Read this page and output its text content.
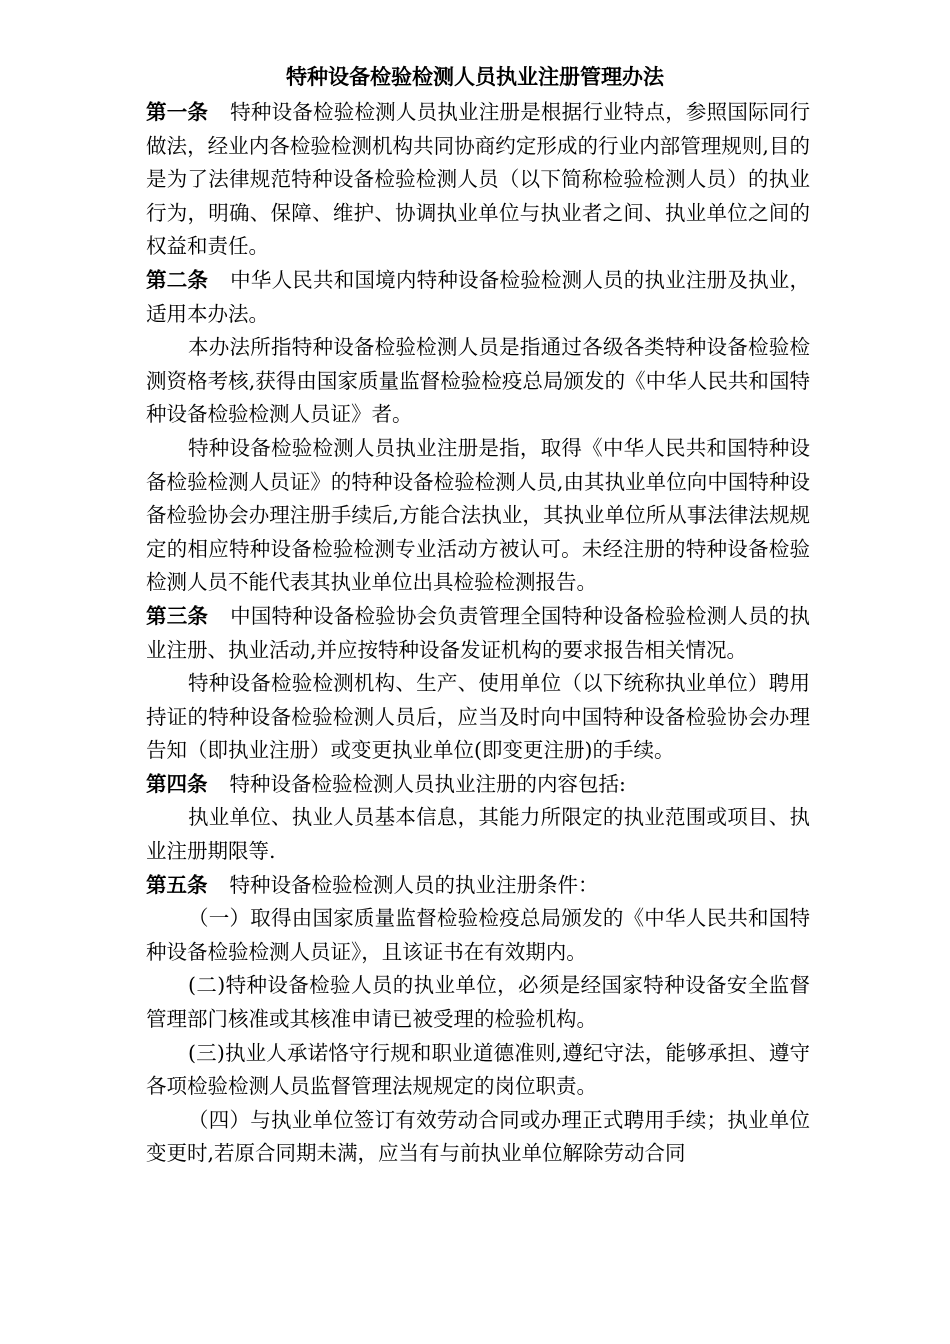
特种设备检验检测人员执业注册管理办法

第一条 特种设备检验检测人员执业注册是根据行业特点，参照国际同行做法，经业内各检验检测机构共同协商约定形成的行业内部管理规则,目的是为了法律规范特种设备检验检测人员（以下简称检验检测人员）的执业行为，明确、保障、维护、协调执业单位与执业者之间、执业单位之间的权益和责任。

第二条 中华人民共和国境内特种设备检验检测人员的执业注册及执业，适用本办法。

本办法所指特种设备检验检测人员是指通过各级各类特种设备检验检测资格考核,获得由国家质量监督检验检疫总局颁发的《中华人民共和国特种设备检验检测人员证》者。

特种设备检验检测人员执业注册是指，取得《中华人民共和国特种设备检验检测人员证》的特种设备检验检测人员,由其执业单位向中国特种设备检验协会办理注册手续后,方能合法执业，其执业单位所从事法律法规规定的相应特种设备检验检测专业活动方被认可。未经注册的特种设备检验检测人员不能代表其执业单位出具检验检测报告。

第三条 中国特种设备检验协会负责管理全国特种设备检验检测人员的执业注册、执业活动,并应按特种设备发证机构的要求报告相关情况。

特种设备检验检测机构、生产、使用单位（以下统称执业单位）聘用持证的特种设备检验检测人员后，应当及时向中国特种设备检验协会办理告知（即执业注册）或变更执业单位(即变更注册)的手续。

第四条 特种设备检验检测人员执业注册的内容包括:

执业单位、执业人员基本信息，其能力所限定的执业范围或项目、执业注册期限等.

第五条 特种设备检验检测人员的执业注册条件：

（一）取得由国家质量监督检验检疫总局颁发的《中华人民共和国特种设备检验检测人员证》，且该证书在有效期内。

(二)特种设备检验人员的执业单位，必须是经国家特种设备安全监督管理部门核准或其核准申请已被受理的检验机构。

(三)执业人承诺恪守行规和职业道德准则,遵纪守法，能够承担、遵守各项检验检测人员监督管理法规规定的岗位职责。

（四）与执业单位签订有效劳动合同或办理正式聘用手续；执业单位变更时,若原合同期未满，应当有与前执业单位解除劳动合同
